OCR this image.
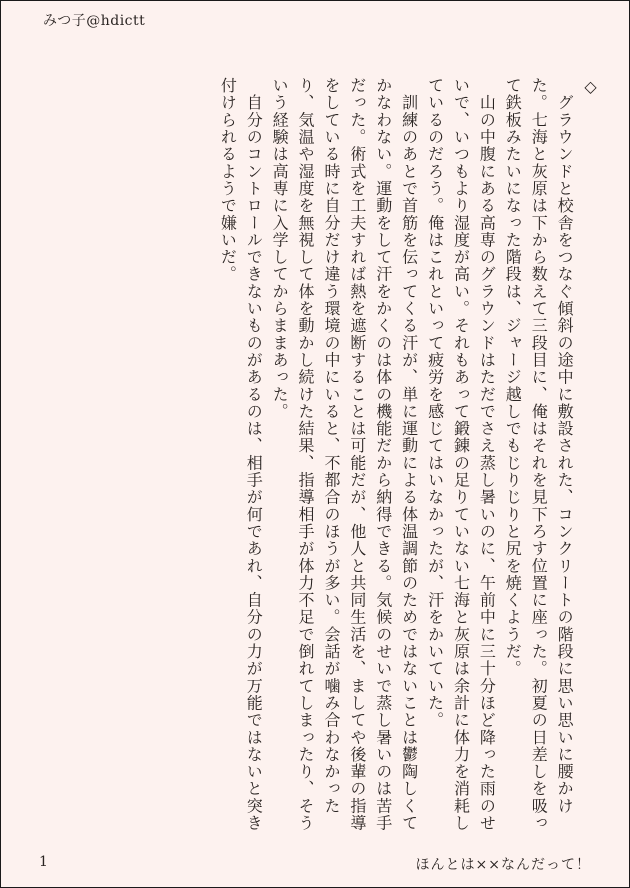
みつ子@hdictt
◇
　グラウンドと校舎をつなぐ傾斜の途中に敷設された、コンクリートの階段に思い思いに腰かけた。七海と灰原は下から数えて三段目に、俺はそれを見下ろす位置に座った。初夏の日差しを吸って鉄板みたいになった階段は、ジャージ越しでもじりじりと尻を焼くようだ。
　山の中腹にある高専のグラウンドはただでさえ蒸し暑いのに、午前中に三十分ほど降った雨のせいで、いつもより湿度が高い。それもあって鍛錬の足りていない七海と灰原は余計に体力を消耗しているのだろう。俺はこれといって疲労を感じてはいなかったが、汗をかいていた。
　訓練のあとで首筋を伝ってくる汗が、単に運動による体温調節のためではないことは鬱陶しくてかなわない。運動をして汗をかくのは体の機能だから納得できる。気候のせいで蒸し暑いのは苦手だった。術式を工夫すれば熱を遮断することは可能だが、他人と共同生活を、ましてや後輩の指導をしている時に自分だけ違う環境の中にいると、不都合のほうが多い。会話が噛み合わなかったり、気温や湿度を無視して体を動かし続けた結果、指導相手が体力不足で倒れてしまったり、そういう経験は高専に入学してからままあった。
　自分のコントロールできないものがあるのは、相手が何であれ、自分の力が万能ではないと突き付けられるようで嫌いだ。
1	ほんとは××なんだって！
